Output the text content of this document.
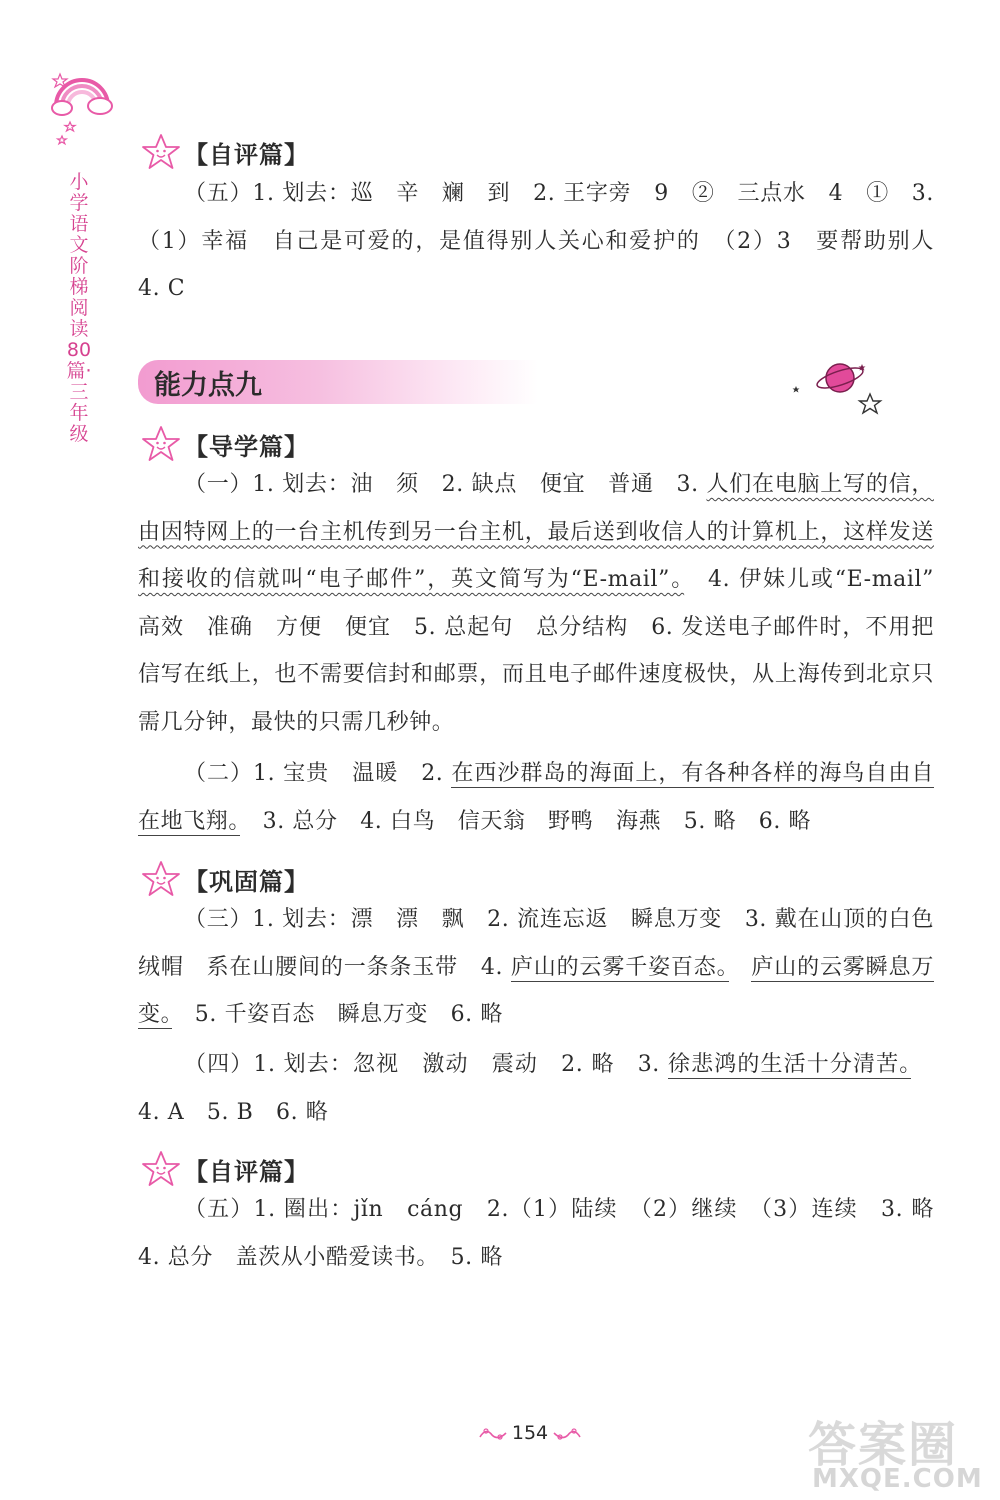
小学语文阶梯阅读80篇·三年级
【自评篇】
（五）1. 划去：巡　辛　斓　到　2. 王字旁　9　②　三点水　4　①　3.（1）幸福　自己是可爱的，是值得别人关心和爱护的　（2）3　要帮助别人　4. C
能力点九
【导学篇】
（一）1. 划去：油　须　2. 缺点　便宜　普通　3. 人们在电脑上写的信，由因特网上的一台主机传到另一台主机，最后送到收信人的计算机上，这样发送和接收的信就叫“电子邮件”，英文简写为“E-mail”。　4. 伊妹儿或“E-mail”　高效　准确　方便　便宜　5. 总起句　总分结构　6. 发送电子邮件时，不用把信写在纸上，也不需要信封和邮票，而且电子邮件速度极快，从上海传到北京只需几分钟，最快的只需几秒钟。
（二）1. 宝贵　温暖　2. 在西沙群岛的海面上，有各种各样的海鸟自由自在地飞翔。　3. 总分　4. 白鸟　信天翁　野鸭　海燕　5. 略　6. 略
【巩固篇】
（三）1. 划去：漂　漂　飘　2. 流连忘返　瞬息万变　3. 戴在山顶的白色绒帽　系在山腰间的一条条玉带　4. 庐山的云雾千姿百态。　 庐山的云雾瞬息万变。　5. 千姿百态　瞬息万变　6. 略
（四）1. 划去：忽视　激动　震动　2. 略　3. 徐悲鸿的生活十分清苦。　4. A　5. B　6. 略
【自评篇】
（五）1. 圈出：jǐn　cáng　2.（1）陆续　（2）继续　（3）连续　3. 略　4. 总分　盖茨从小酷爱读书。　5. 略
154	答案圈
MXQE.COM
